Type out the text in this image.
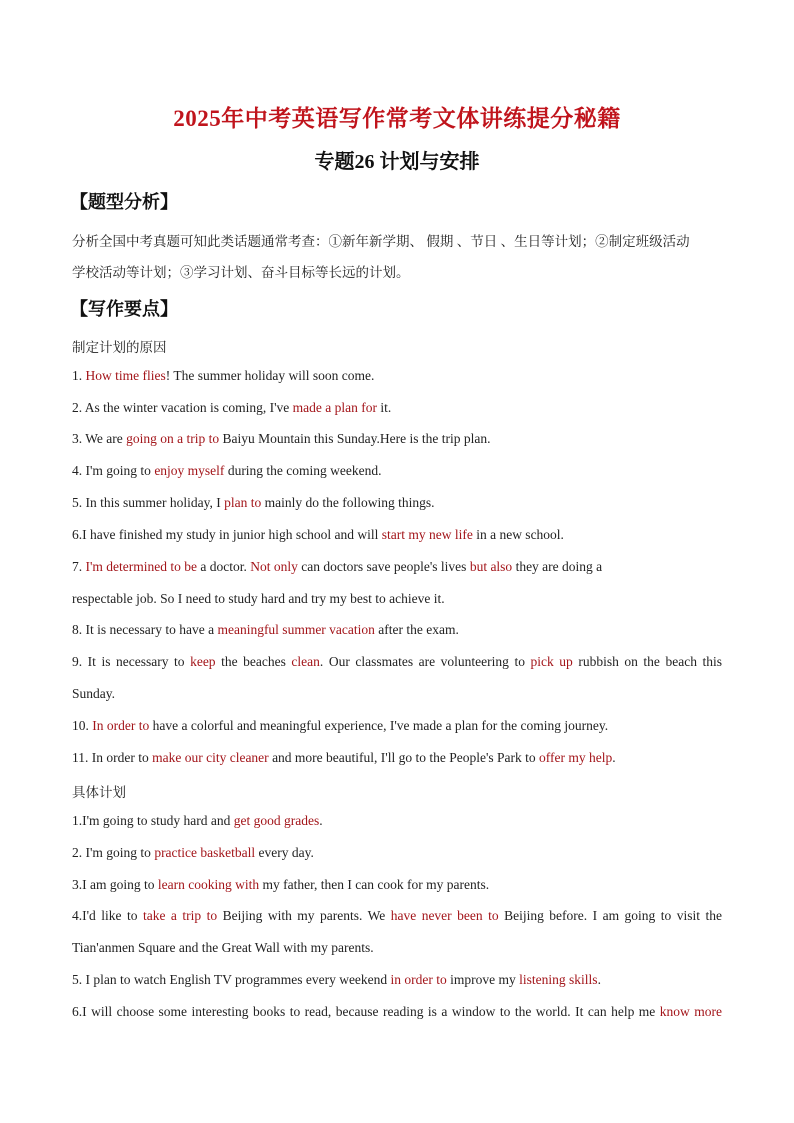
2025年中考英语写作常考文体讲练提分秘籍
专题26 计划与安排
【题型分析】
分析全国中考真题可知此类话题通常考查：①新年新学期、 假期 、节日 、生日等计划；②制定班级活动
学校活动等计划；③学习计划、奋斗目标等长远的计划。
【写作要点】
制定计划的原因
1. How time flies! The summer holiday will soon come.
2. As the winter vacation is coming, I've made a plan for it.
3. We are going on a trip to Baiyu Mountain this Sunday.Here is the trip plan.
4. I'm going to enjoy myself during the coming weekend.
5. In this summer holiday, I plan to mainly do the following things.
6.I have finished my study in junior high school and will start my new life in a new school.
7. I'm determined to be a doctor. Not only can doctors save people's lives but also they are doing a
respectable job. So I need to study hard and try my best to achieve it.
8. It is necessary to have a meaningful summer vacation after the exam.
9. It is necessary to keep the beaches clean. Our classmates are volunteering to pick up rubbish on the beach this
Sunday.
10. In order to have a colorful and meaningful experience, I've made a plan for the coming journey.
11. In order to make our city cleaner and more beautiful, I'll go to the People's Park to offer my help.
具体计划
1.I'm going to study hard and get good grades.
2. I'm going to practice basketball every day.
3.I am going to learn cooking with my father, then I can cook for my parents.
4.I'd like to take a trip to Beijing with my parents. We have never been to Beijing before. I am going to visit the
Tian'anmen Square and the Great Wall with my parents.
5. I plan to watch English TV programmes every weekend in order to improve my listening skills.
6.I will choose some interesting books to read, because reading is a window to the world. It can help me know more
